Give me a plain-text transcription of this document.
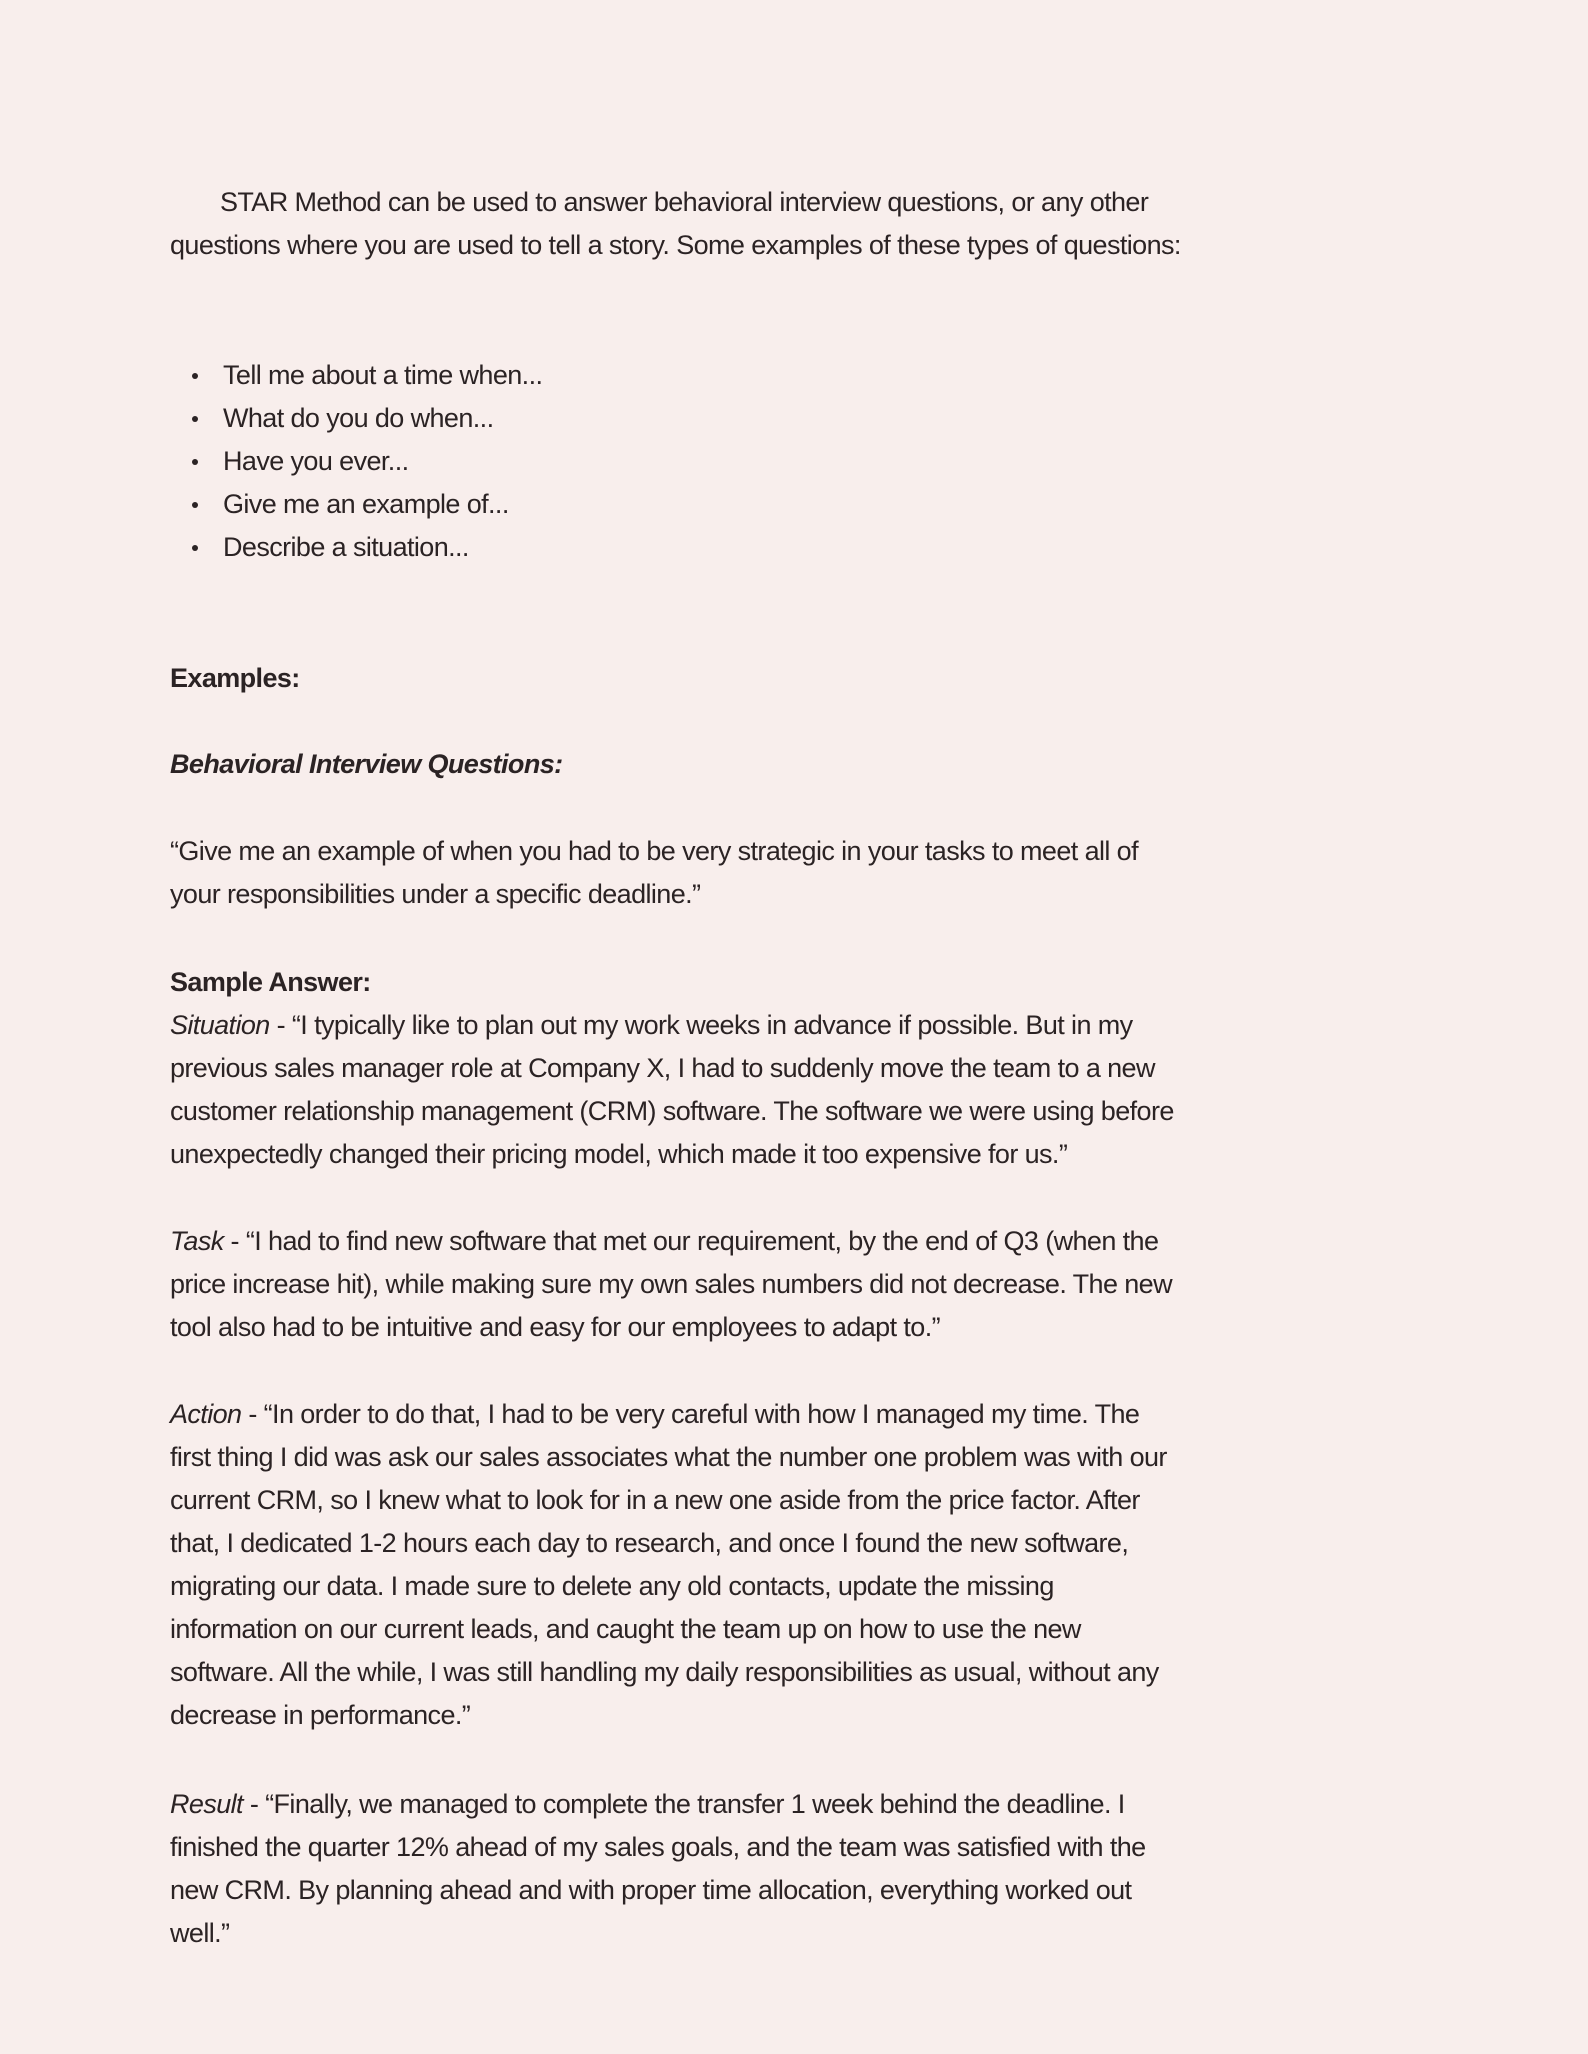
STAR Method can be used to answer behavioral interview questions, or any other
questions where you are used to tell a story. Some examples of these types of questions:
Tell me about a time when...
What do you do when...
Have you ever...
Give me an example of...
Describe a situation...
Examples:
Behavioral Interview Questions:
“Give me an example of when you had to be very strategic in your tasks to meet all of
your responsibilities under a specific deadline.”
Sample Answer:
Situation - “I typically like to plan out my work weeks in advance if possible. But in my
previous sales manager role at Company X, I had to suddenly move the team to a new
customer relationship management (CRM) software. The software we were using before
unexpectedly changed their pricing model, which made it too expensive for us.”
Task - “I had to find new software that met our requirement, by the end of Q3 (when the
price increase hit), while making sure my own sales numbers did not decrease. The new
tool also had to be intuitive and easy for our employees to adapt to.”
Action - “In order to do that, I had to be very careful with how I managed my time. The
first thing I did was ask our sales associates what the number one problem was with our
current CRM, so I knew what to look for in a new one aside from the price factor. After
that, I dedicated 1-2 hours each day to research, and once I found the new software,
migrating our data. I made sure to delete any old contacts, update the missing
information on our current leads, and caught the team up on how to use the new
software. All the while, I was still handling my daily responsibilities as usual, without any
decrease in performance.”
Result - “Finally, we managed to complete the transfer 1 week behind the deadline. I
finished the quarter 12% ahead of my sales goals, and the team was satisfied with the
new CRM. By planning ahead and with proper time allocation, everything worked out
well.”
